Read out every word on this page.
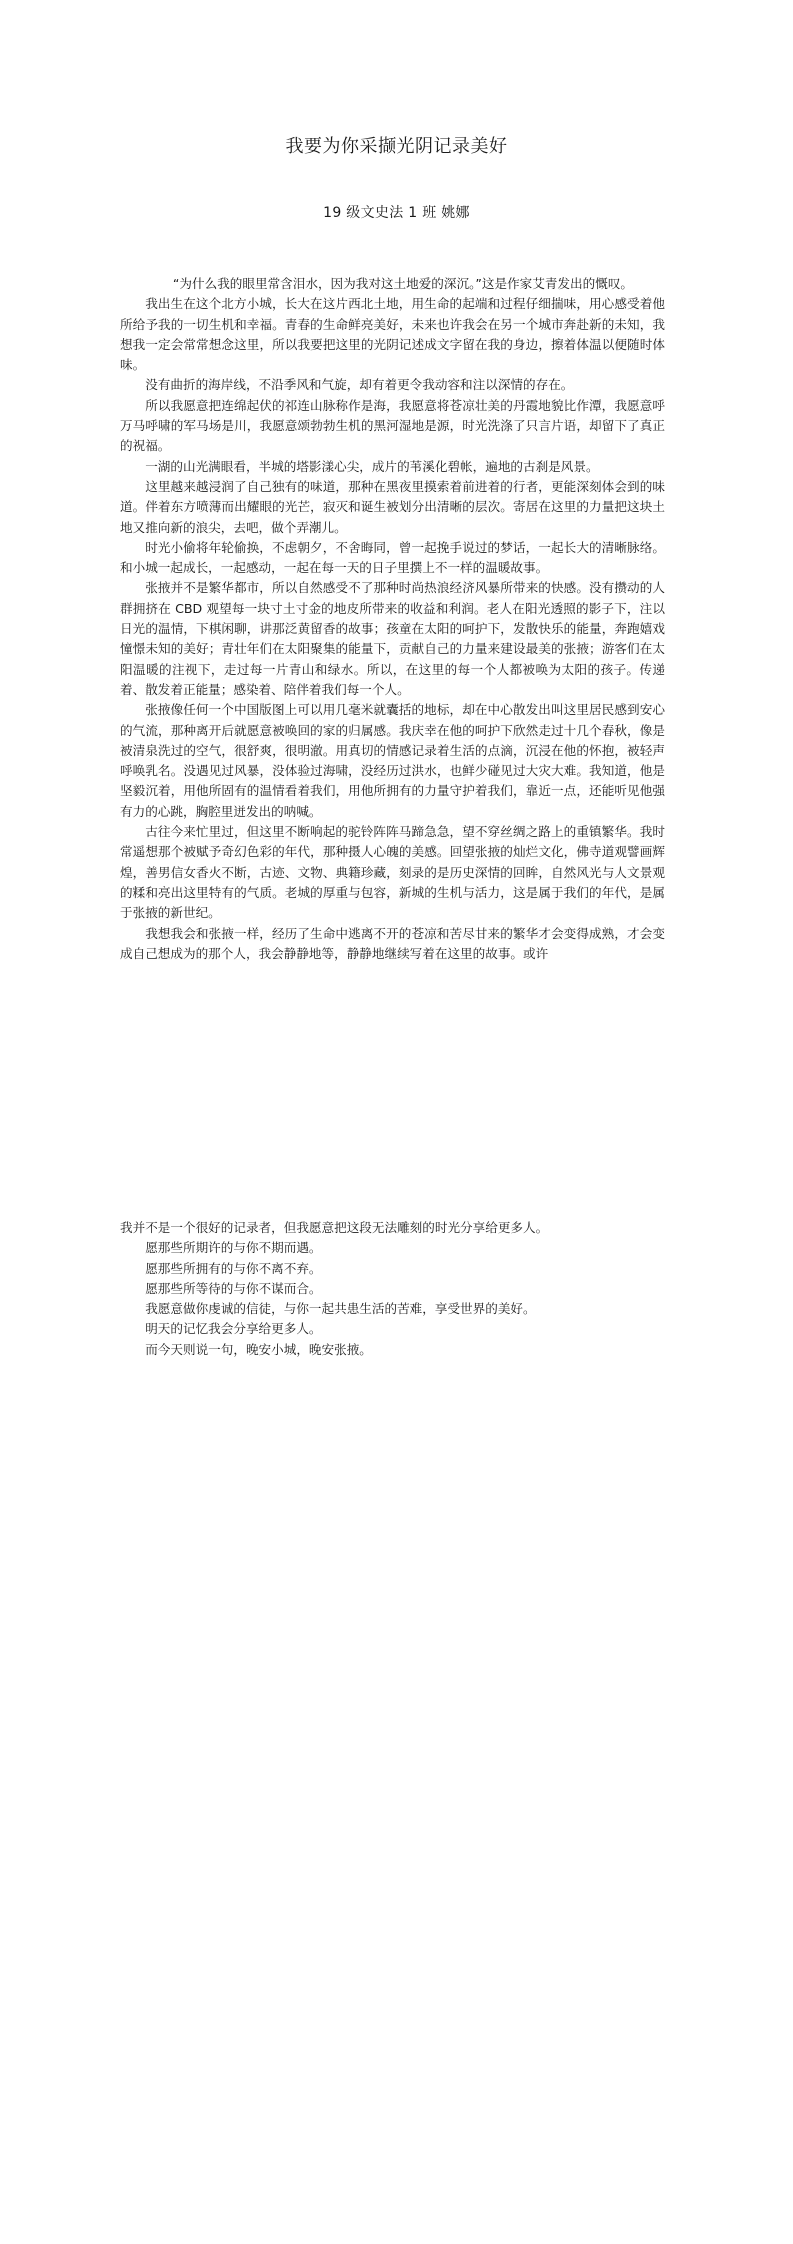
我要为你采撷光阴记录美好
19 级文史法 1 班 姚娜

“为什么我的眼里常含泪水，因为我对这土地爱的深沉。”这是作家艾青发出的慨叹。

我出生在这个北方小城，长大在这片西北土地，用生命的起端和过程仔细揣味，用心感受着他所给予我的一切生机和幸福。青春的生命鲜亮美好，未来也许我会在另一个城市奔赴新的未知，我想我一定会常常想念这里，所以我要把这里的光阴记述成文字留在我的身边，擦着体温以便随时体味。

没有曲折的海岸线，不沿季风和气旋，却有着更令我动容和注以深情的存在。

所以我愿意把连绵起伏的祁连山脉称作是海，我愿意将苍凉壮美的丹霞地貌比作潭，我愿意呼万马呼啸的军马场是川，我愿意颂勃勃生机的黑河湿地是源，时光洗涤了只言片语，却留下了真正的祝福。

一湖的山光满眼看，半城的塔影漾心尖，成片的苇溪化碧帐，遍地的古刹是风景。

这里越来越浸润了自己独有的味道，那种在黑夜里摸索着前进着的行者，更能深刻体会到的味道。伴着东方喷薄而出耀眼的光芒，寂灭和诞生被划分出清晰的层次。寄居在这里的力量把这块土地又推向新的浪尖，去吧，做个弄潮儿。

时光小偷将年轮偷换，不虑朝夕，不舍晦同，曾一起挽手说过的梦话，一起长大的清晰脉络。和小城一起成长，一起感动，一起在每一天的日子里撰上不一样的温暖故事。

张掖并不是繁华都市，所以自然感受不了那种时尚热浪经济风暴所带来的快感。没有攒动的人群拥挤在 CBD 观望每一块寸土寸金的地皮所带来的收益和利润。老人在阳光透照的影子下，注以日光的温情，下棋闲聊，讲那泛黄留香的故事；孩童在太阳的呵护下，发散快乐的能量，奔跑嬉戏憧憬未知的美好；青壮年们在太阳聚集的能量下，贡献自己的力量来建设最美的张掖；游客们在太阳温暖的注视下，走过每一片青山和绿水。所以，在这里的每一个人都被唤为太阳的孩子。传递着、散发着正能量；感染着、陪伴着我们每一个人。

张掖像任何一个中国版图上可以用几毫米就囊括的地标，却在中心散发出叫这里居民感到安心的气流，那种离开后就愿意被唤回的家的归属感。我庆幸在他的呵护下欣然走过十几个春秋，像是被清泉洗过的空气，很舒爽，很明澈。用真切的情感记录着生活的点滴，沉浸在他的怀抱，被轻声呼唤乳名。没遇见过风暴，没体验过海啸，没经历过洪水，也鲜少碰见过大灾大难。我知道，他是坚毅沉着，用他所固有的温情看着我们，用他所拥有的力量守护着我们，靠近一点，还能听见他强有力的心跳，胸腔里迸发出的呐喊。

古往今来忙里过，但这里不断响起的驼铃阵阵马蹄急急，望不穿丝绸之路上的重镇繁华。我时常遥想那个被赋予奇幻色彩的年代，那种摄人心魄的美感。回望张掖的灿烂文化，佛寺道观譬画辉煌，善男信女香火不断，古迹、文物、典籍珍藏，刻录的是历史深情的回眸，自然风光与人文景观的糅和亮出这里特有的气质。老城的厚重与包容，新城的生机与活力，这是属于我们的年代，是属于张掖的新世纪。

我想我会和张掖一样，经历了生命中逃离不开的苍凉和苦尽甘来的繁华才会变得成熟，才会变成自己想成为的那个人，我会静静地等，静静地继续写着在这里的故事。或许

我并不是一个很好的记录者，但我愿意把这段无法雕刻的时光分享给更多人。

愿那些所期许的与你不期而遇。

愿那些所拥有的与你不离不弃。

愿那些所等待的与你不谋而合。

我愿意做你虔诚的信徒，与你一起共患生活的苦难，享受世界的美好。

明天的记忆我会分享给更多人。

而今天则说一句，晚安小城，晚安张掖。
